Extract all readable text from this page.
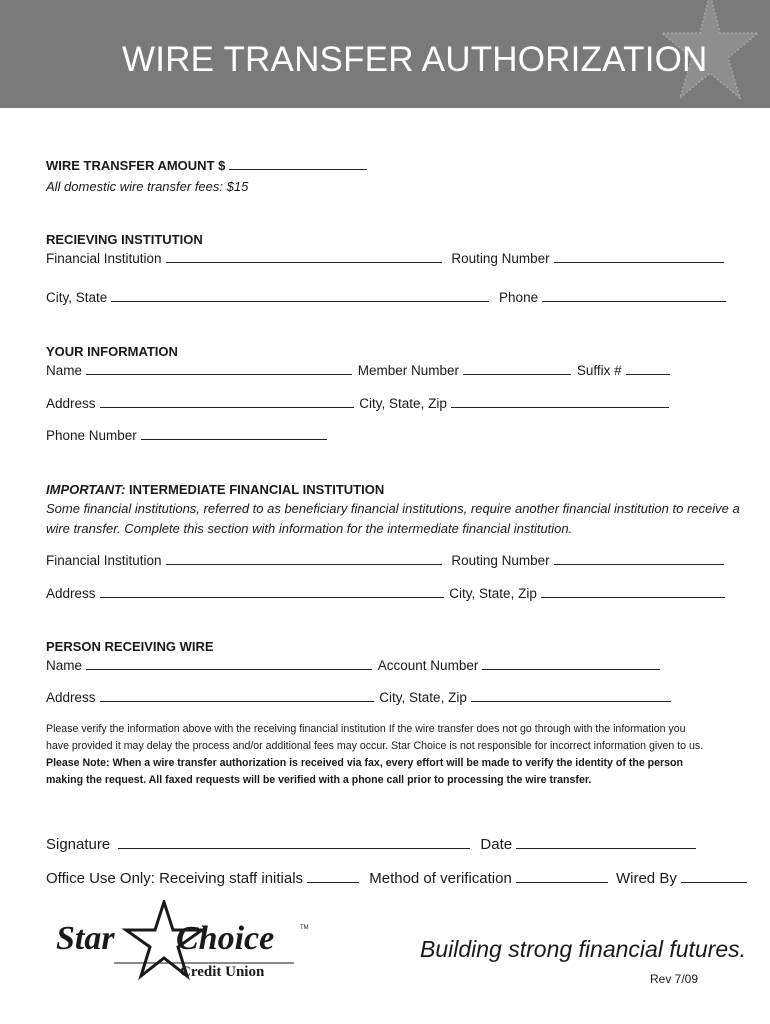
WIRE TRANSFER AUTHORIZATION
WIRE TRANSFER AMOUNT $
All domestic wire transfer fees: $15
RECIEVING INSTITUTION
Financial Institution	Routing Number
City, State	Phone
YOUR INFORMATION
Name	Member Number	Suffix #
Address	City, State, Zip
Phone Number
IMPORTANT: INTERMEDIATE FINANCIAL INSTITUTION
Some financial institutions, referred to as beneficiary financial institutions, require another financial institution to receive a
wire transfer. Complete this section with information for the intermediate financial institution.
Financial Institution	Routing Number
Address	City, State, Zip
PERSON RECEIVING WIRE
Name	Account Number
Address	City, State, Zip
Please verify the information above with the receiving financial institution If the wire transfer does not go through with the information you
have provided it may delay the process and/or additional fees may occur. Star Choice is not responsible for incorrect information given to us.
Please Note: When a wire transfer authorization is received via fax, every effort will be made to verify the identity of the person
making the request. All faxed requests will be verified with a phone call prior to processing the wire transfer.
Signature	Date
Office Use Only: Receiving staff initials	Method of verification	Wired By
Star Choice	TM
Credit Union
Building strong financial futures.
Rev 7/09
